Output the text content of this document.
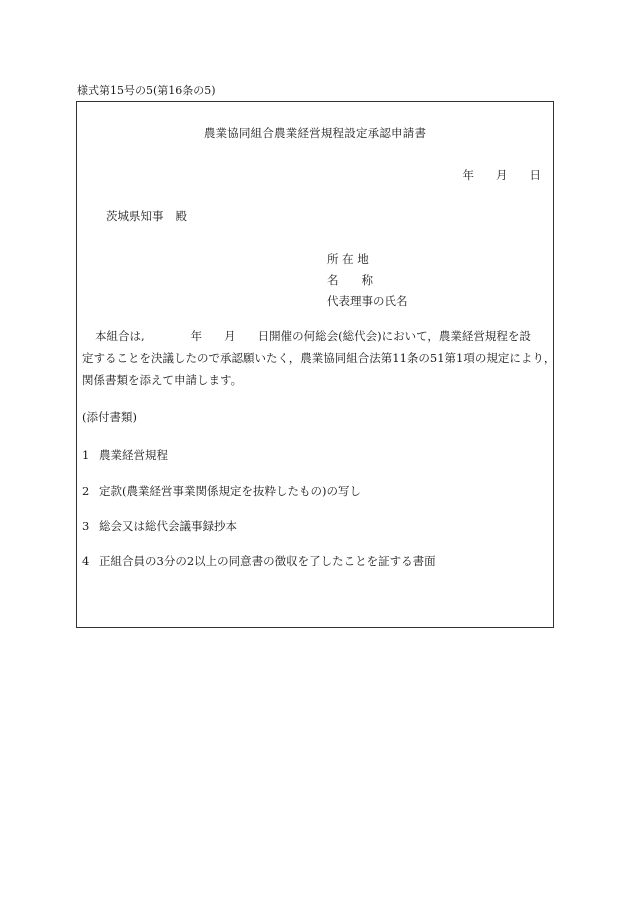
様式第15号の5(第16条の5)
農業協同組合農業経営規程設定承認申請書
年 月 日
茨城県知事 殿
所 在 地
名　　称
代表理事の氏名
本組合は,	年 月 日開催の何総会(総代会)において，農業経営規程を設
定することを決議したので承認願いたく，農業協同組合法第11条の51第1項の規定により，
関係書類を添えて申請します。
(添付書類)
1 農業経営規程
2 定款(農業経営事業関係規定を抜粋したもの)の写し
3 総会又は総代会議事録抄本
4 正組合員の3分の2以上の同意書の徴収を了したことを証する書面
